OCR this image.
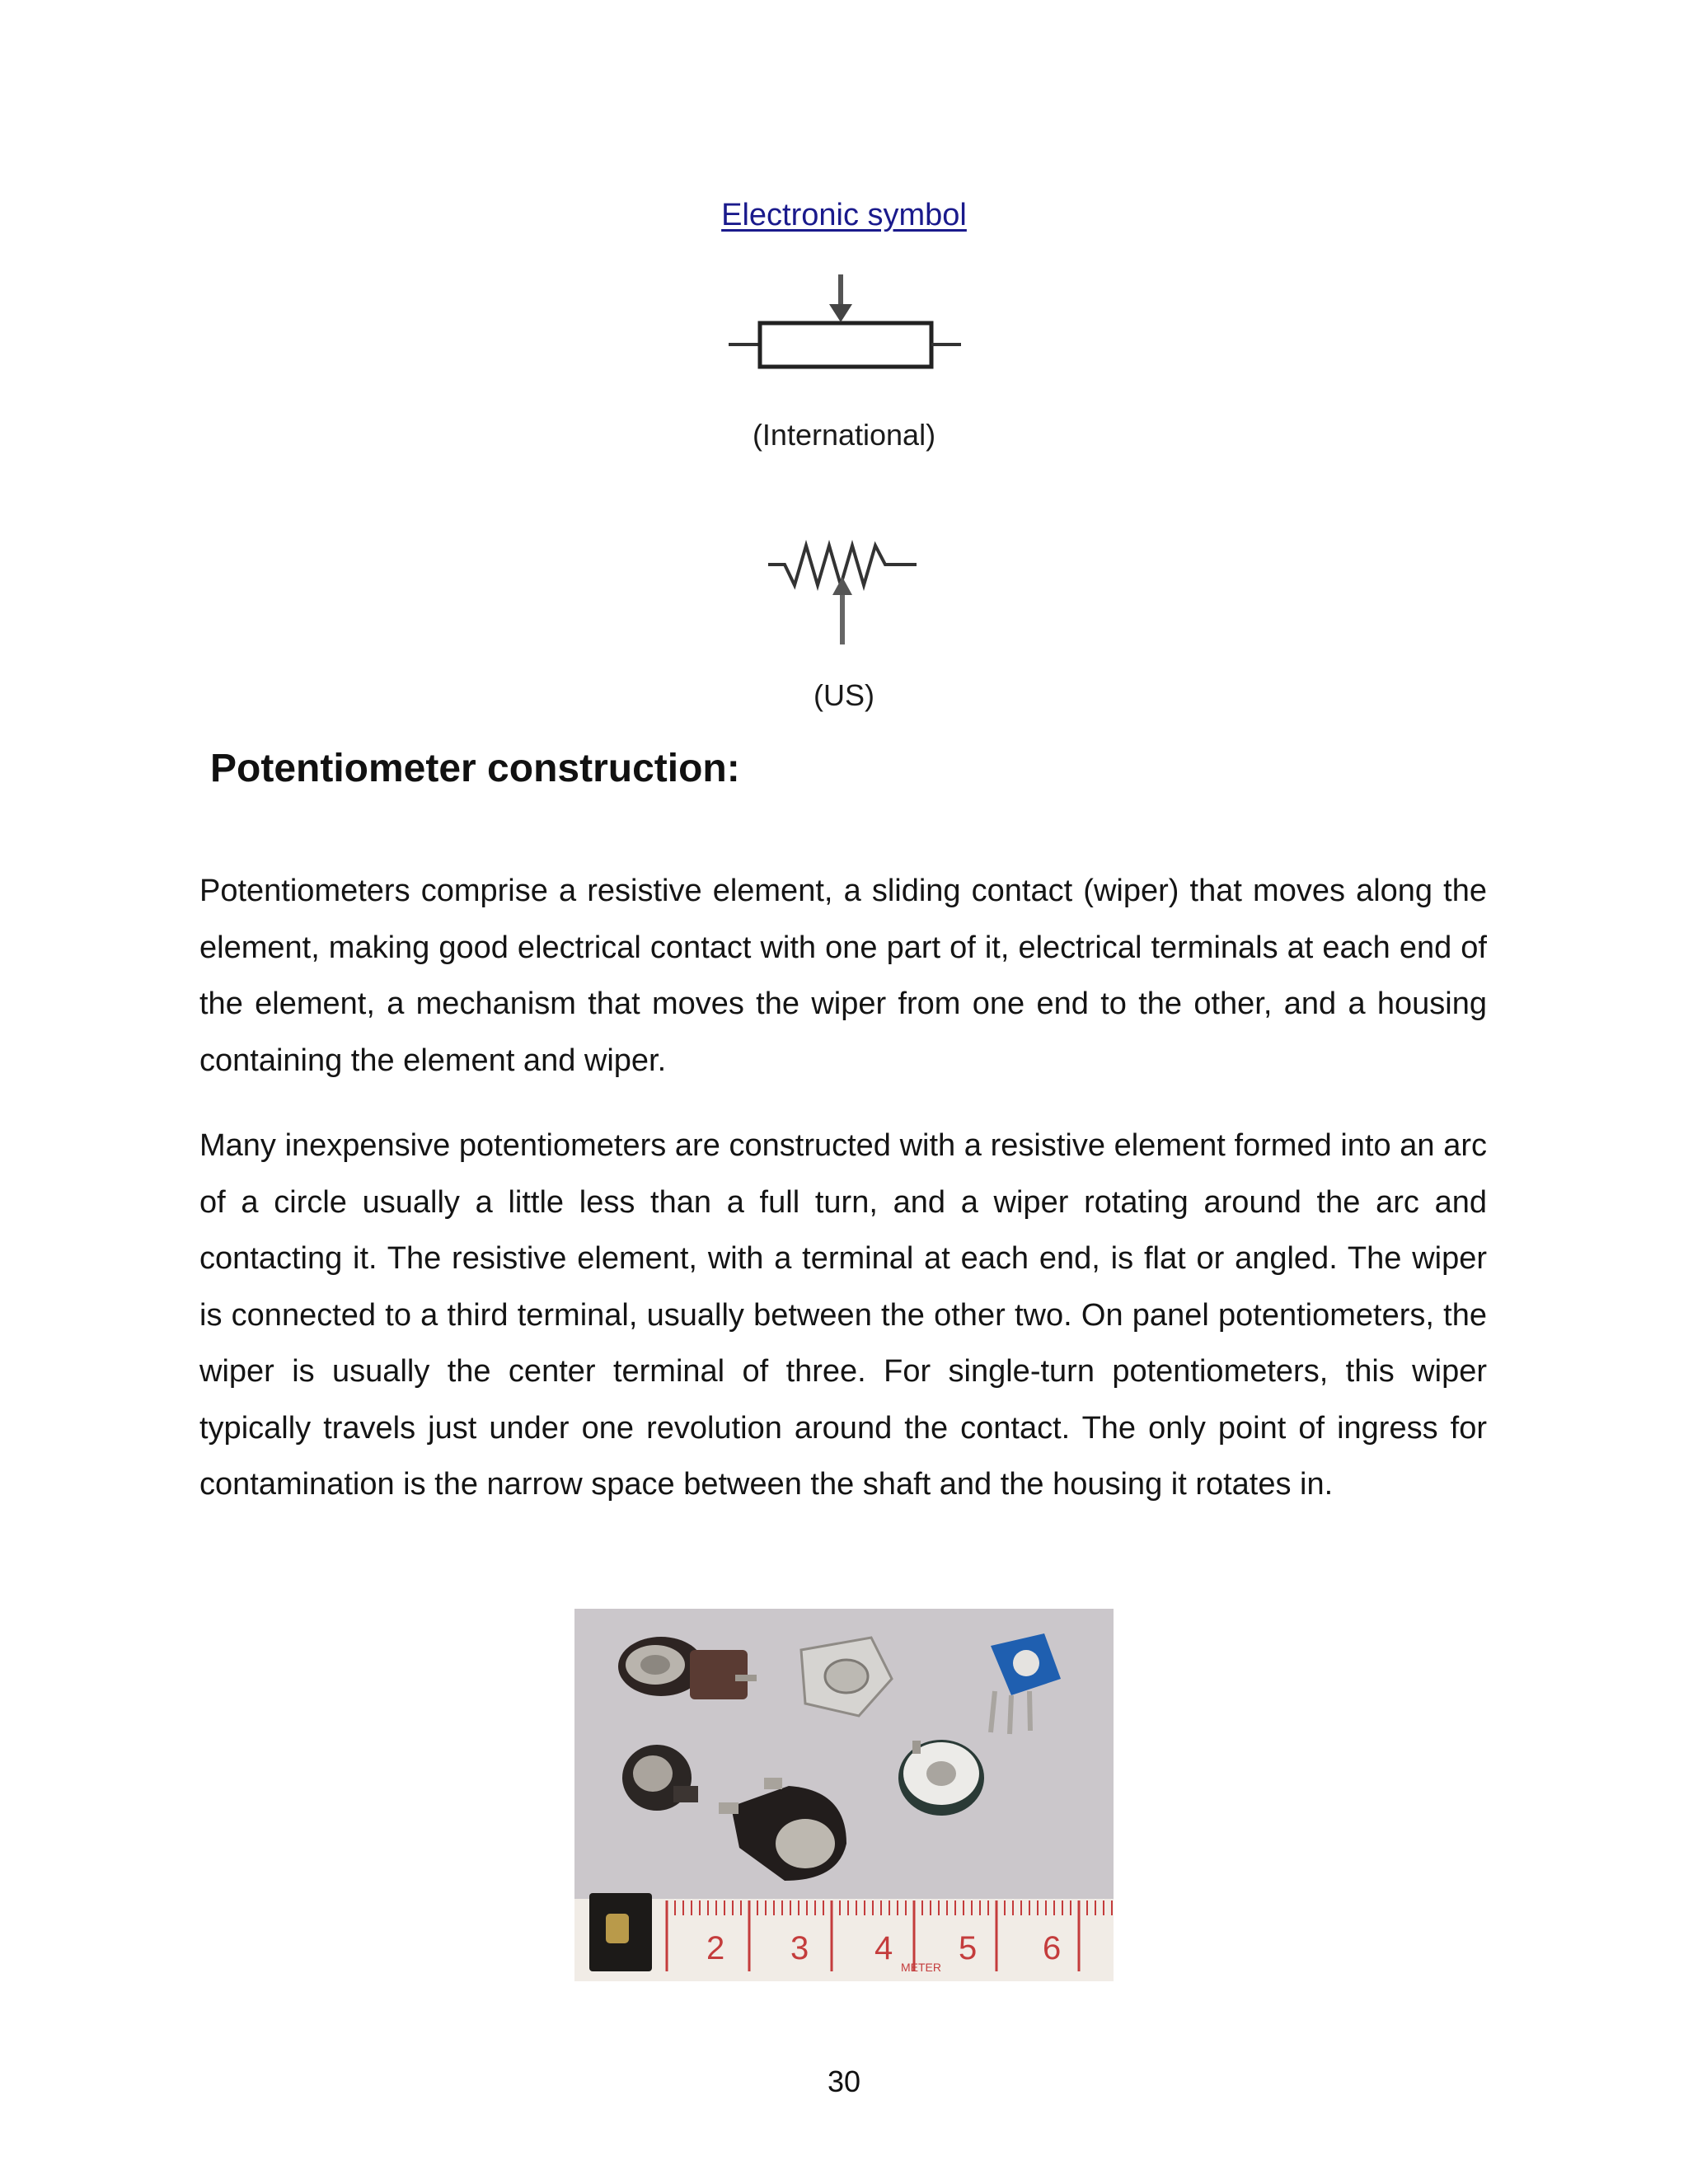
Electronic symbol
(International)
(US)
Potentiometer construction:

Potentiometers comprise a resistive element, a sliding contact (wiper) that moves along the element, making good electrical contact with one part of it, electrical terminals at each end of the element, a mechanism that moves the wiper from one end to the other, and a housing containing the element and wiper.

Many inexpensive potentiometers are constructed with a resistive element formed into an arc of a circle usually a little less than a full turn, and a wiper rotating around the arc and contacting it. The resistive element, with a terminal at each end, is flat or angled. The wiper is connected to a third terminal, usually between the other two. On panel potentiometers, the wiper is usually the center terminal of three. For single-turn potentiometers, this wiper typically travels just under one revolution around the contact. The only point of ingress for contamination is the narrow space between the shaft and the housing it rotates in.

2 3 4
METER
5 6
30
